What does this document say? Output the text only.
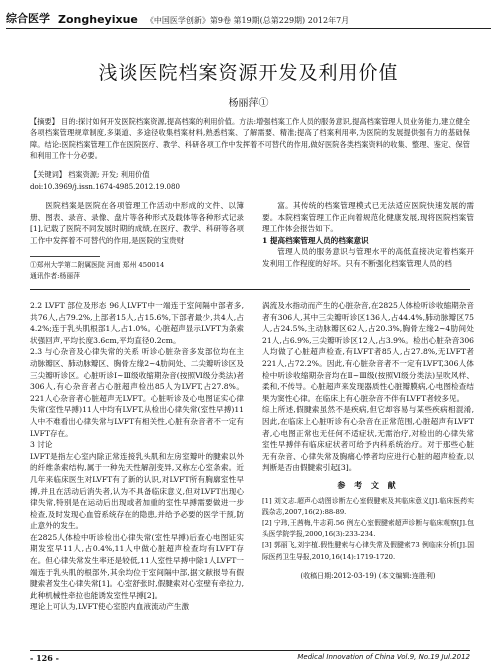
综合医学 Zongheyixue 《中国医学创新》第9卷 第19期(总第229期) 2012年7月
浅谈医院档案资源开发及利用价值
杨丽萍①
【摘要】 目的:探讨如何开发医院档案资源,提高档案的利用价值。方法:增强档案工作人员的服务意识,提高档案管理人员业务能力,建立健全各项档案管理规章制度,多渠道、多途径收集档案材料,熟悉档案、了解需要、精准;提高了档案利用率,为医院的发展提供强有力的基础保障。结论:医院档案管理工作在医院医疗、教学、科研各项工作中发挥着不可替代的作用,做好医院各类档案资料的收集、整理、鉴定、保管和利用工作十分必要。
【关键词】 档案资源; 开发; 利用价值
doi:10.3969/j.issn.1674-4985.2012.19.080
医院档案是医院在各项管理工作活动中形成的文件、以簿册、图表、录音、录像、盘片等各种形式及载体等各种形式记录[1],记载了医院不同发展时期的成绩,在医疗、教学、科研等各项工作中发挥着不可替代的作用,是医院的宝贵财

富。其传统的档案管理模式已无法适应医院快速发展的需要。本院档案管理工作正向着规范化健康发展,现将医院档案管理工作体会报告如下。

1 提高档案管理人员的档案意识

管理人员的服务意识与管理水平的高低直接决定着档案开发利用工作程度的好坏。只有不断强化档案管理人员的档

①郑州大学第二附属医院 河南 郑州 450014
通讯作者:杨丽萍
2.2 LVFT 部位及形态 96人LVFT中一端连于室间隔中部者多,共76人,占79.2%,上部者15人,占15.6%,下部者最少,共4人,占4.2%;连于乳头肌根部1人,占1.0%。心脏超声显示LVFT为条索状强回声,平均长度3.6cm,平均直径0.2cm。
2.3 与心杂音及心律失常的关系 听诊心脏杂音多发部位均在主动脉瓣区、肺动脉瓣区、胸骨左缘2~4肋间处、二尖瓣听诊区及三尖瓣听诊区。心脏听诊Ⅰ~Ⅲ级收缩期杂音(按照Ⅵ级分类法)者306人,有心杂音者占心脏超声检出85人为LVFT,占27.8%。221人心杂音者心脏超声无LVFT。心脏听诊及心电图证实心律失常(室性早搏)11人中均有LVFT,从检出心律失常(室性早搏)11人中不难看出心律失常与LVFT有相关性,心脏有杂音者不一定有LVFT存在。
3 讨论
LVFT是指左心室内除正常连接乳头肌和左房室瓣叶的腱索以外的纤维条索结构,属于一种先天性解剖变异,又称左心室条索。近几年来临床医生对LVFT有了新的认识,对LVFT所有胸廓室性早搏,并且在活动后消失者,认为不具备临床意义,但对LVFT出现心律失常,特别是在运动后出现或者加重的室性早搏需要做进一步检查,及时发现心血管系统存在的隐患,并给予必要的医学干预,防止意外的发生。
在2825人体检中听诊检出心律失常(室性早搏)后查心电图证实期发室早11人,占0.4%,11人中做心脏超声检查均有LVFT存在。但心律失常发生率还是较低,11人室性早搏中除1人LVFT一端连于乳头肌的根部外,其余均位于室间隔中部,据文献报导有假腱索者发生心律失常[1]。心室舒张时,假腱索对心室壁有牵拉力,此种机械性牵拉也能诱发室性早搏[2]。
理论上可认为,LVFT使心室腔内血液流动产生激

涡流及水指动而产生的心脏杂音,在2825人体检听诊收缩期杂音者有306人,其中三尖瓣听诊区136人,占44.4%,肺动脉瓣区75人,占24.5%,主动脉瓣区62人,占20.3%,胸骨左缘2~4肋间处21人,占6.9%,三尖瓣听诊区12人,占3.9%。检出心脏杂音306人均做了心脏超声检查,有LVFT者85人,占27.8%,无LVFT者221人,占72.2%。因此,有心脏杂音者不一定有LVFT,306人体检中听诊收缩期杂音均在Ⅱ~Ⅲ级(按照Ⅵ级分类法)呈吹风样、柔和,不传导。心脏超声来发现器质性心脏瓣膜病,心电图检查结果为窦性心律。在临床上有心脏杂音不伴有LVFT者较多见。
综上所述,假腱索虽然不是疾病,但它却容易与某些疾病相混淆,因此,在临床上心脏听诊有心杂音在正常范围,心脏超声有LVFT者,心电图正常也无任何不适症状,无需治疗,对检出的心律失常室性早搏伴有临床症状者可给予内科系统治疗。对于那些心脏无有杂音、心律失常及胸痛心悸者均应进行心脏的超声检查,以判断是否由假腱索引起[3]。

参 考 文 献

[1] 刘文志.超声心动图诊断左心室假腱索及其临床意义[J].临床医药实践杂志,2007,16(2):88-89.

[2] 宁玮,王茜梅,牛志莉.56 例左心室假腱索超声诊断与临床观察[J].包头医学院学报,2000,16(3):233-234.

[3] 郭丽飞,刘宇植.假性腱索与心律失常及假腱索73 例临床分析[J].国际医药卫生导报,2010,16(14):1719-1720.

(收稿日期:2012-03-19) (本文编辑:连胜利)
- 126 -	Medical Innovation of China Vol.9, No.19 Jul.2012
